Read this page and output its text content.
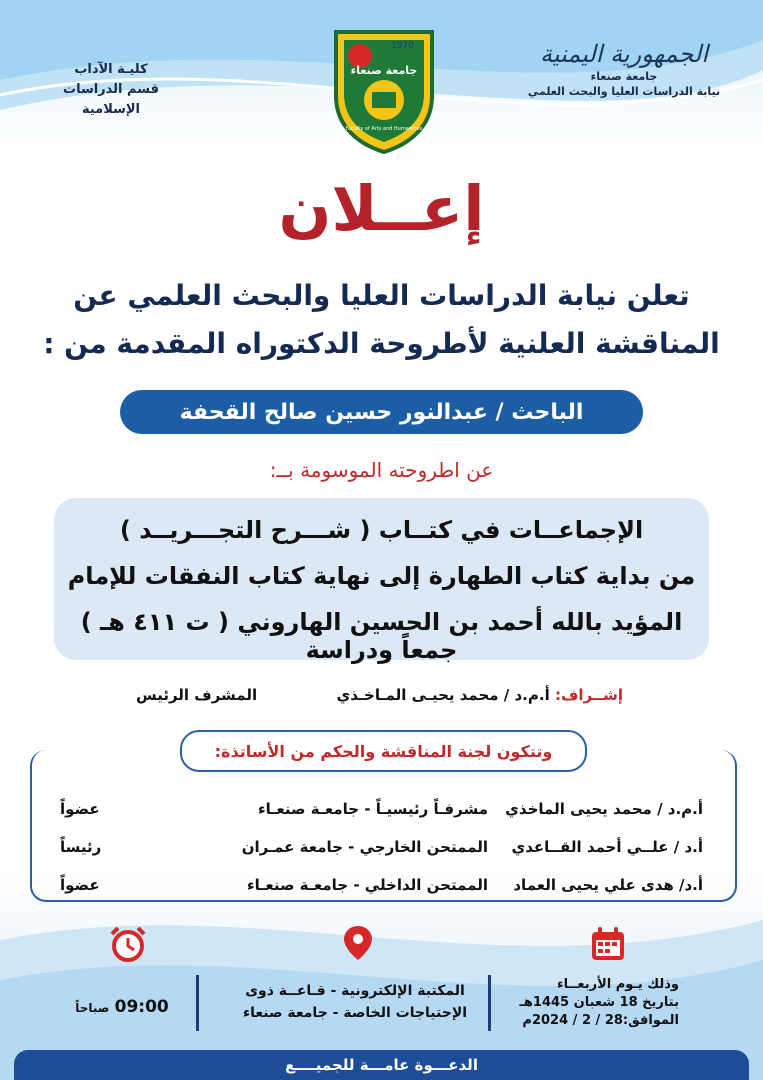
الجمهورية اليمنية
جامعة صنعاء
نيابة الدراسات العليا والبحث العلمي
كليـة الآداب
قسم الدراسات الإسلامية
1970
جامعة صنعاء
Faculty of Arts and Humanities
إعــلان
تعلن نيابة الدراسات العليا والبحث العلمي عن
المناقشة العلنية لأطروحة الدكتوراه المقدمة من :
الباحث / عبدالنور حسين صالح القحفة
عن اطروحته الموسومة بــ:
الإجماعــات في كتــاب ( شـــرح التجـــريــد )
من بداية كتاب الطهارة إلى نهاية كتاب النفقات للإمام
المؤيد بالله أحمد بن الحسين الهاروني ( ت ٤١١ هـ ) جمعاً ودراسة
إشــراف: أ.م.د / محمد يحيـى المـاخـذي
المشرف الرئيس
وتتكون لجنة المناقشة والحكم من الأساتذة:
أ.م.د / محمد يحيى الماخذي
مشرفـاً رئيسيـاً - جامعـة صنعـاء
عضواً
أ.د / علــي أحمد القــاعدي
الممتحن الخارجي - جامعة عمـران
رئيساً
أ.د/ هدى علي يحيى العماد
الممتحن الداخلي - جامعـة صنعـاء
عضواً
وذلك يـوم الأربعــاء
بتاريخ 18 شعبان 1445هـ
الموافق:28 / 2 / 2024م
المكتبة الإلكترونية - قـاعــة ذوى
الإحتياجات الخاصة - جامعة صنعاء
09:00 صباحاً
الدعـــوة عامـــة للجميــــع
